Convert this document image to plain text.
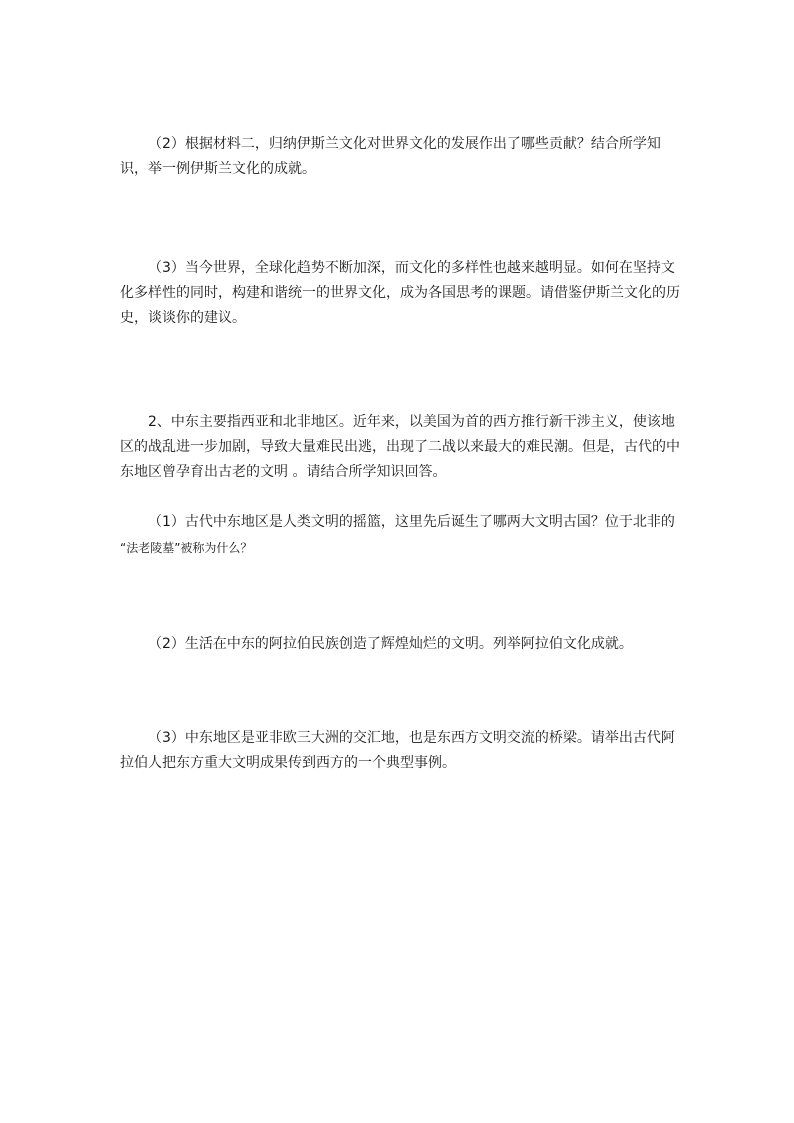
（2）根据材料二，归纳伊斯兰文化对世界文化的发展作出了哪些贡献？结合所学知识，举一例伊斯兰文化的成就。

（3）当今世界，全球化趋势不断加深，而文化的多样性也越来越明显。如何在坚持文化多样性的同时，构建和谐统一的世界文化，成为各国思考的课题。请借鉴伊斯兰文化的历史，谈谈你的建议。

2、中东主要指西亚和北非地区。近年来，以美国为首的西方推行新干涉主义，使该地区的战乱进一步加剧，导致大量难民出逃，出现了二战以来最大的难民潮。但是，古代的中东地区曾孕育出古老的文明 。请结合所学知识回答。

（1）古代中东地区是人类文明的摇篮，这里先后诞生了哪两大文明古国？位于北非的

“法老陵墓”被称为什么？

（2）生活在中东的阿拉伯民族创造了辉煌灿烂的文明。列举阿拉伯文化成就。

（3）中东地区是亚非欧三大洲的交汇地，也是东西方文明交流的桥梁。请举出古代阿拉伯人把东方重大文明成果传到西方的一个典型事例。
